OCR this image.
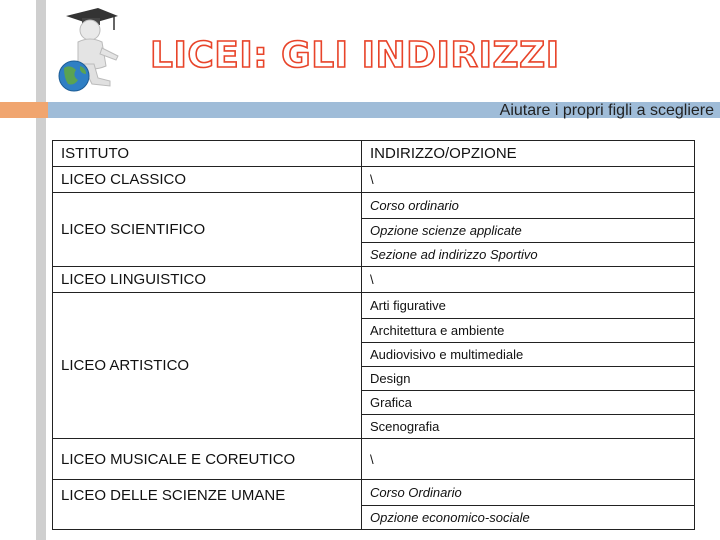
LICEI: GLI INDIRIZZI
Aiutare i propri figli a scegliere
ISTITUTO	INDIRIZZO/OPZIONE
LICEO CLASSICO	\
LICEO SCIENTIFICO	Corso ordinario
	Opzione scienze applicate
	Sezione ad indirizzo Sportivo
LICEO LINGUISTICO	\
LICEO ARTISTICO	Arti figurative
	Architettura e ambiente
	Audiovisivo e multimediale
	Design
	Grafica
	Scenografia
LICEO MUSICALE E COREUTICO	\
LICEO DELLE SCIENZE UMANE	Corso Ordinario
	Opzione economico-sociale
